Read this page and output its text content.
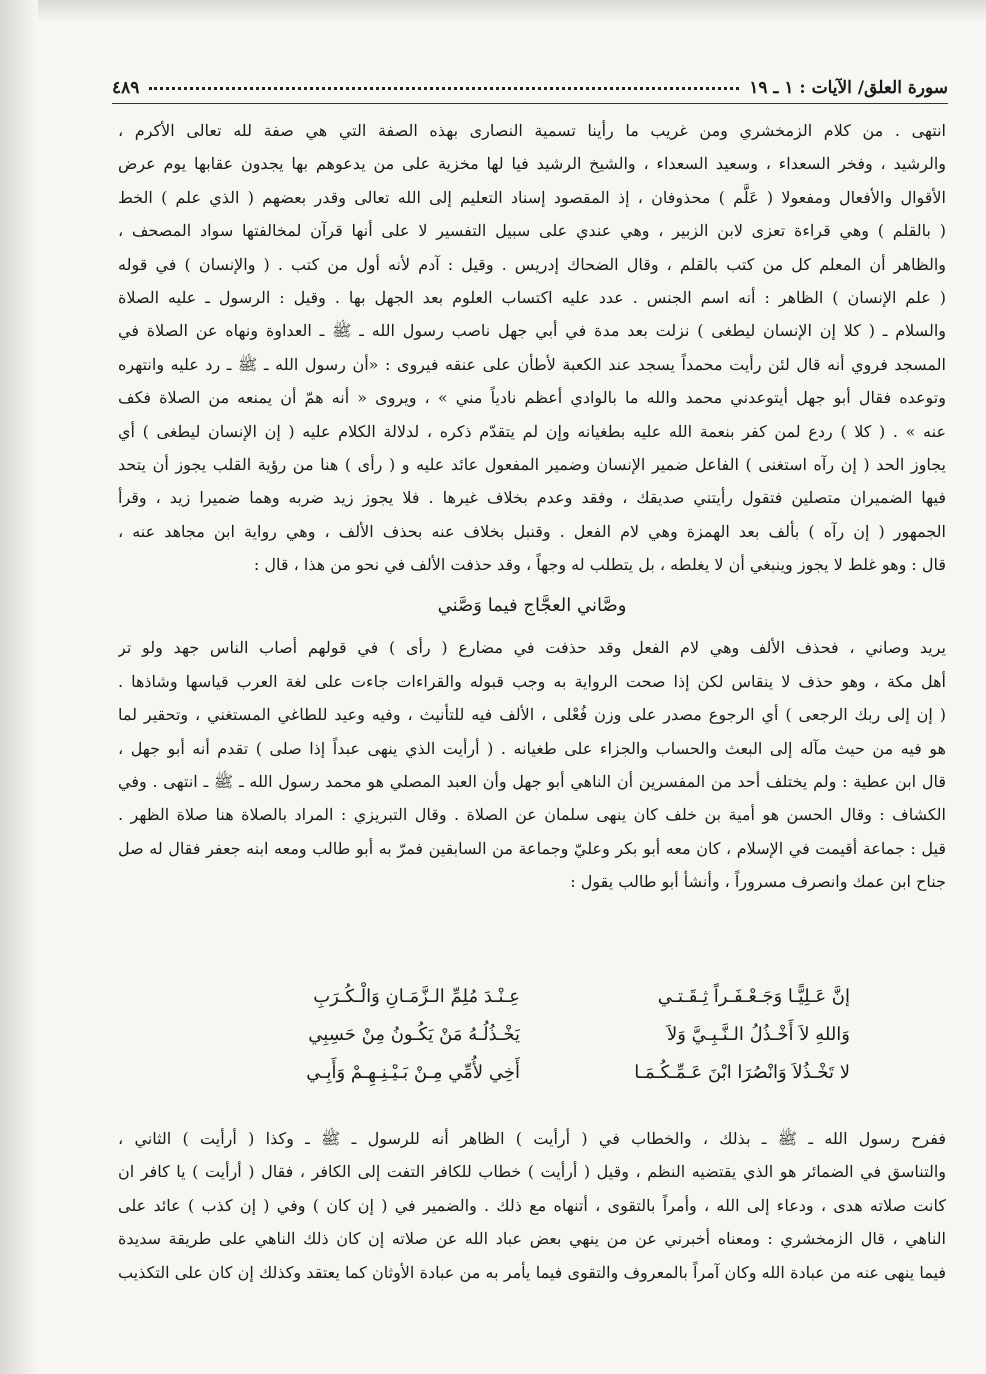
سورة العلق/ الآيات : ١ ـ ١٩
٤٨٩
انتهى . من كلام الزمخشري ومن غريب ما رأينا تسمية النصارى بهذه الصفة التي هي صفة لله تعالى الأكرم ،
والرشيد ، وفخر السعداء ، وسعيد السعداء ، والشيخ الرشيد فيا لها مخزية على من يدعوهم بها يجدون عقابها يوم عرض
الأقوال والأفعال ومفعولا ( عَلَّم ) محذوفان ، إذ المقصود إسناد التعليم إلى الله تعالى وقدر بعضهم ( الذي علم ) الخط
( بالقلم ) وهي قراءة تعزى لابن الزبير ، وهي عندي على سبيل التفسير لا على أنها قرآن لمخالفتها سواد المصحف ،
والظاهر أن المعلم كل من كتب بالقلم ، وقال الضحاك إدريس . وقيل : آدم لأنه أول من كتب . ( والإنسان ) في قوله
( علم الإنسان ) الظاهر : أنه اسم الجنس . عدد عليه اكتساب العلوم بعد الجهل بها . وقيل : الرسول ـ عليه الصلاة
والسلام ـ ( كلا إن الإنسان ليطغى ) نزلت بعد مدة في أبي جهل ناصب رسول الله ـ ﷺ ـ العداوة ونهاه عن الصلاة في
المسجد فروي أنه قال لئن رأيت محمداً يسجد عند الكعبة لأطأن على عنقه فيروى : «أن رسول الله ـ ﷺ ـ رد عليه وانتهره
وتوعده فقال أبو جهل أيتوعدني محمد والله ما بالوادي أعظم نادياً مني » ، ويروى « أنه همّ أن يمنعه من الصلاة فكف
عنه » . ( كلا ) ردع لمن كفر بنعمة الله عليه بطغيانه وإن لم يتقدّم ذكره ، لدلالة الكلام عليه ( إن الإنسان ليطغى ) أي
يجاوز الحد ( إن رآه استغنى ) الفاعل ضمير الإنسان وضمير المفعول عائد عليه و ( رأى ) هنا من رؤية القلب يجوز أن يتحد
فيها الضميران متصلين فتقول رأيتني صديقك ، وفقد وعدم بخلاف غيرها . فلا يجوز زيد ضربه وهما ضميرا زيد ، وقرأ
الجمهور ( إن رآه ) بألف بعد الهمزة وهي لام الفعل . وقنبل بخلاف عنه بحذف الألف ، وهي رواية ابن مجاهد عنه ،
قال : وهو غلط لا يجوز وينبغي أن لا يغلطه ، بل يتطلب له وجهاً ، وقد حذفت الألف في نحو من هذا ، قال :
وصَّاني العجَّاج فيما وَصَّني
يريد وصاني ، فحذف الألف وهي لام الفعل وقد حذفت في مضارع ( رأى ) في قولهم أصاب الناس جهد ولو تر
أهل مكة ، وهو حذف لا ينقاس لكن إذا صحت الرواية به وجب قبوله والقراءات جاءت على لغة العرب قياسها وشاذها .
( إن إلى ربك الرجعى ) أي الرجوع مصدر على وزن فُعْلى ، الألف فيه للتأنيث ، وفيه وعيد للطاغي المستغني ، وتحقير لما
هو فيه من حيث مآله إلى البعث والحساب والجزاء على طغيانه . ( أرأيت الذي ينهى عبداً إذا صلى ) تقدم أنه أبو جهل ،
قال ابن عطية : ولم يختلف أحد من المفسرين أن الناهي أبو جهل وأن العبد المصلي هو محمد رسول الله ـ ﷺ ـ انتهى . وفي
الكشاف : وقال الحسن هو أمية بن خلف كان ينهى سلمان عن الصلاة . وقال التبريزي : المراد بالصلاة هنا صلاة الظهر .
قيل : جماعة أقيمت في الإسلام ، كان معه أبو بكر وعليّ وجماعة من السابقين فمرّ به أبو طالب ومعه ابنه جعفر فقال له صل
جناح ابن عمك وانصرف مسروراً ، وأنشأ أبو طالب يقول :
إنَّ عَـلِيًّـا وَجَـعْـفَـراً ثِـقَـتـي
عِـنْـدَ مُلِمِّ الـزَّمَـانِ وَالْـكُـرَبِ
وَاللهِ لاَ أَخْـذُلُ الـنَّـبِـيَّ وَلاَ
يَخْـذُلُـهُ مَنْ يَكُـونُ مِنْ حَسِبِي
لا تَخْـذُلاَ وَانْصُرَا ابْنَ عَـمِّـكُـمَـا
أَخِي لأُمِّي مِـنْ بَـيْـنِـهِـمْ وَأَبِـي
ففرح رسول الله ـ ﷺ ـ بذلك ، والخطاب في ( أرأيت ) الظاهر أنه للرسول ـ ﷺ ـ وكذا ( أرأيت ) الثاني ،
والتناسق في الضمائر هو الذي يقتضيه النظم ، وقيل ( أرأيت ) خطاب للكافر التفت إلى الكافر ، فقال ( أرأيت ) يا كافر ان
كانت صلاته هدى ، ودعاء إلى الله ، وأمراً بالتقوى ، أتنهاه مع ذلك . والضمير في ( إن كان ) وفي ( إن كذب ) عائد على
الناهي ، قال الزمخشري : ومعناه أخبرني عن من ينهي بعض عباد الله عن صلاته إن كان ذلك الناهي على طريقة سديدة
فيما ينهى عنه من عبادة الله وكان آمراً بالمعروف والتقوى فيما يأمر به من عبادة الأوثان كما يعتقد وكذلك إن كان على التكذيب
